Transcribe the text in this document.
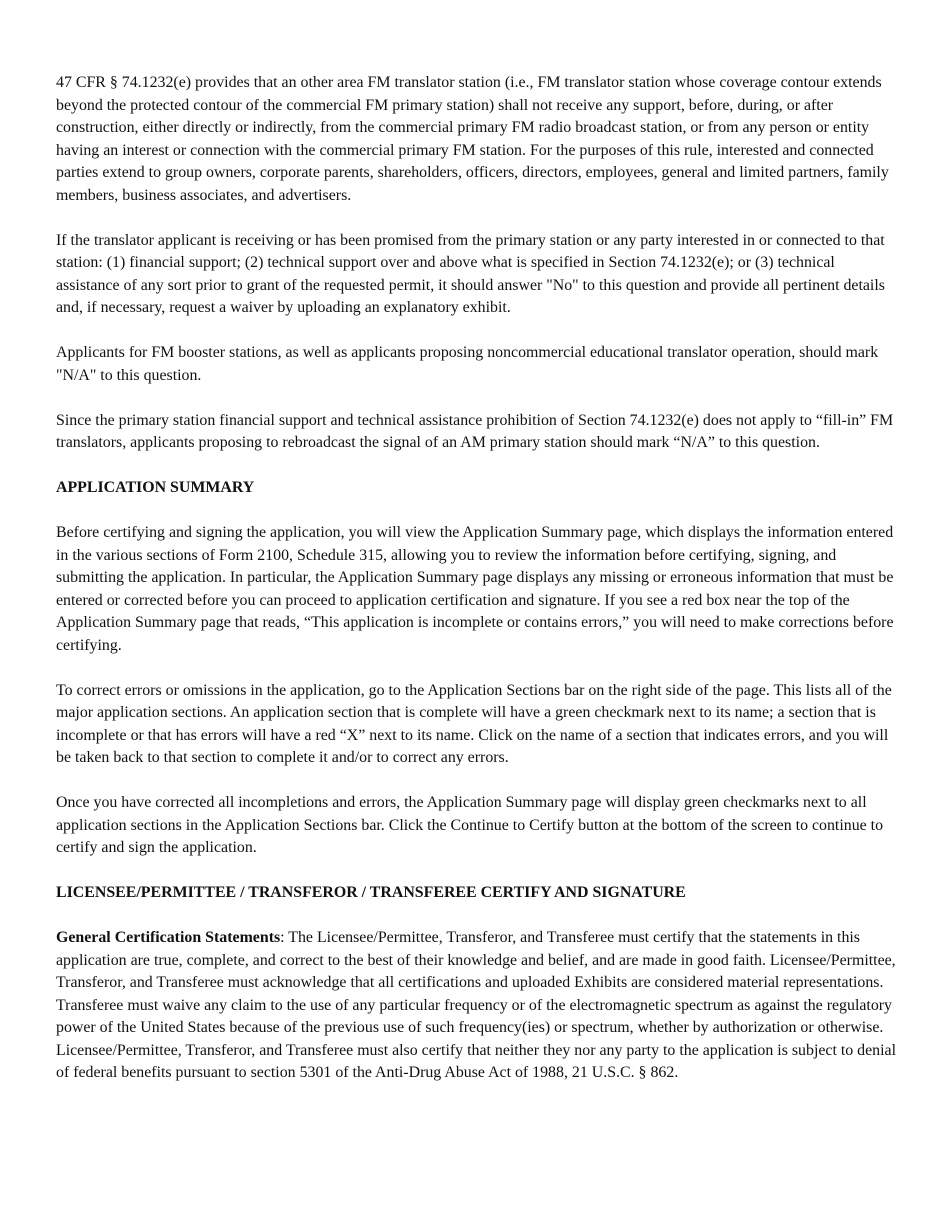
47 CFR § 74.1232(e) provides that an other area FM translator station (i.e., FM translator station whose coverage contour extends beyond the protected contour of the commercial FM primary station) shall not receive any support, before, during, or after construction, either directly or indirectly, from the commercial primary FM radio broadcast station, or from any person or entity having an interest or connection with the commercial primary FM station. For the purposes of this rule, interested and connected parties extend to group owners, corporate parents, shareholders, officers, directors, employees, general and limited partners, family members, business associates, and advertisers.

If the translator applicant is receiving or has been promised from the primary station or any party interested in or connected to that station: (1) financial support; (2) technical support over and above what is specified in Section 74.1232(e); or (3) technical assistance of any sort prior to grant of the requested permit, it should answer "No" to this question and provide all pertinent details and, if necessary, request a waiver by uploading an explanatory exhibit.

Applicants for FM booster stations, as well as applicants proposing noncommercial educational translator operation, should mark "N/A" to this question.

Since the primary station financial support and technical assistance prohibition of Section 74.1232(e) does not apply to “fill-in” FM translators, applicants proposing to rebroadcast the signal of an AM primary station should mark “N/A” to this question.

APPLICATION SUMMARY

Before certifying and signing the application, you will view the Application Summary page, which displays the information entered in the various sections of Form 2100, Schedule 315, allowing you to review the information before certifying, signing, and submitting the application. In particular, the Application Summary page displays any missing or erroneous information that must be entered or corrected before you can proceed to application certification and signature. If you see a red box near the top of the Application Summary page that reads, “This application is incomplete or contains errors,” you will need to make corrections before certifying.

To correct errors or omissions in the application, go to the Application Sections bar on the right side of the page. This lists all of the major application sections. An application section that is complete will have a green checkmark next to its name; a section that is incomplete or that has errors will have a red “X” next to its name. Click on the name of a section that indicates errors, and you will be taken back to that section to complete it and/or to correct any errors.

Once you have corrected all incompletions and errors, the Application Summary page will display green checkmarks next to all application sections in the Application Sections bar. Click the Continue to Certify button at the bottom of the screen to continue to certify and sign the application.

LICENSEE/PERMITTEE / TRANSFEROR / TRANSFEREE CERTIFY AND SIGNATURE

General Certification Statements: The Licensee/Permittee, Transferor, and Transferee must certify that the statements in this application are true, complete, and correct to the best of their knowledge and belief, and are made in good faith. Licensee/Permittee, Transferor, and Transferee must acknowledge that all certifications and uploaded Exhibits are considered material representations. Transferee must waive any claim to the use of any particular frequency or of the electromagnetic spectrum as against the regulatory power of the United States because of the previous use of such frequency(ies) or spectrum, whether by authorization or otherwise. Licensee/Permittee, Transferor, and Transferee must also certify that neither they nor any party to the application is subject to denial of federal benefits pursuant to section 5301 of the Anti-Drug Abuse Act of 1988, 21 U.S.C. § 862.
